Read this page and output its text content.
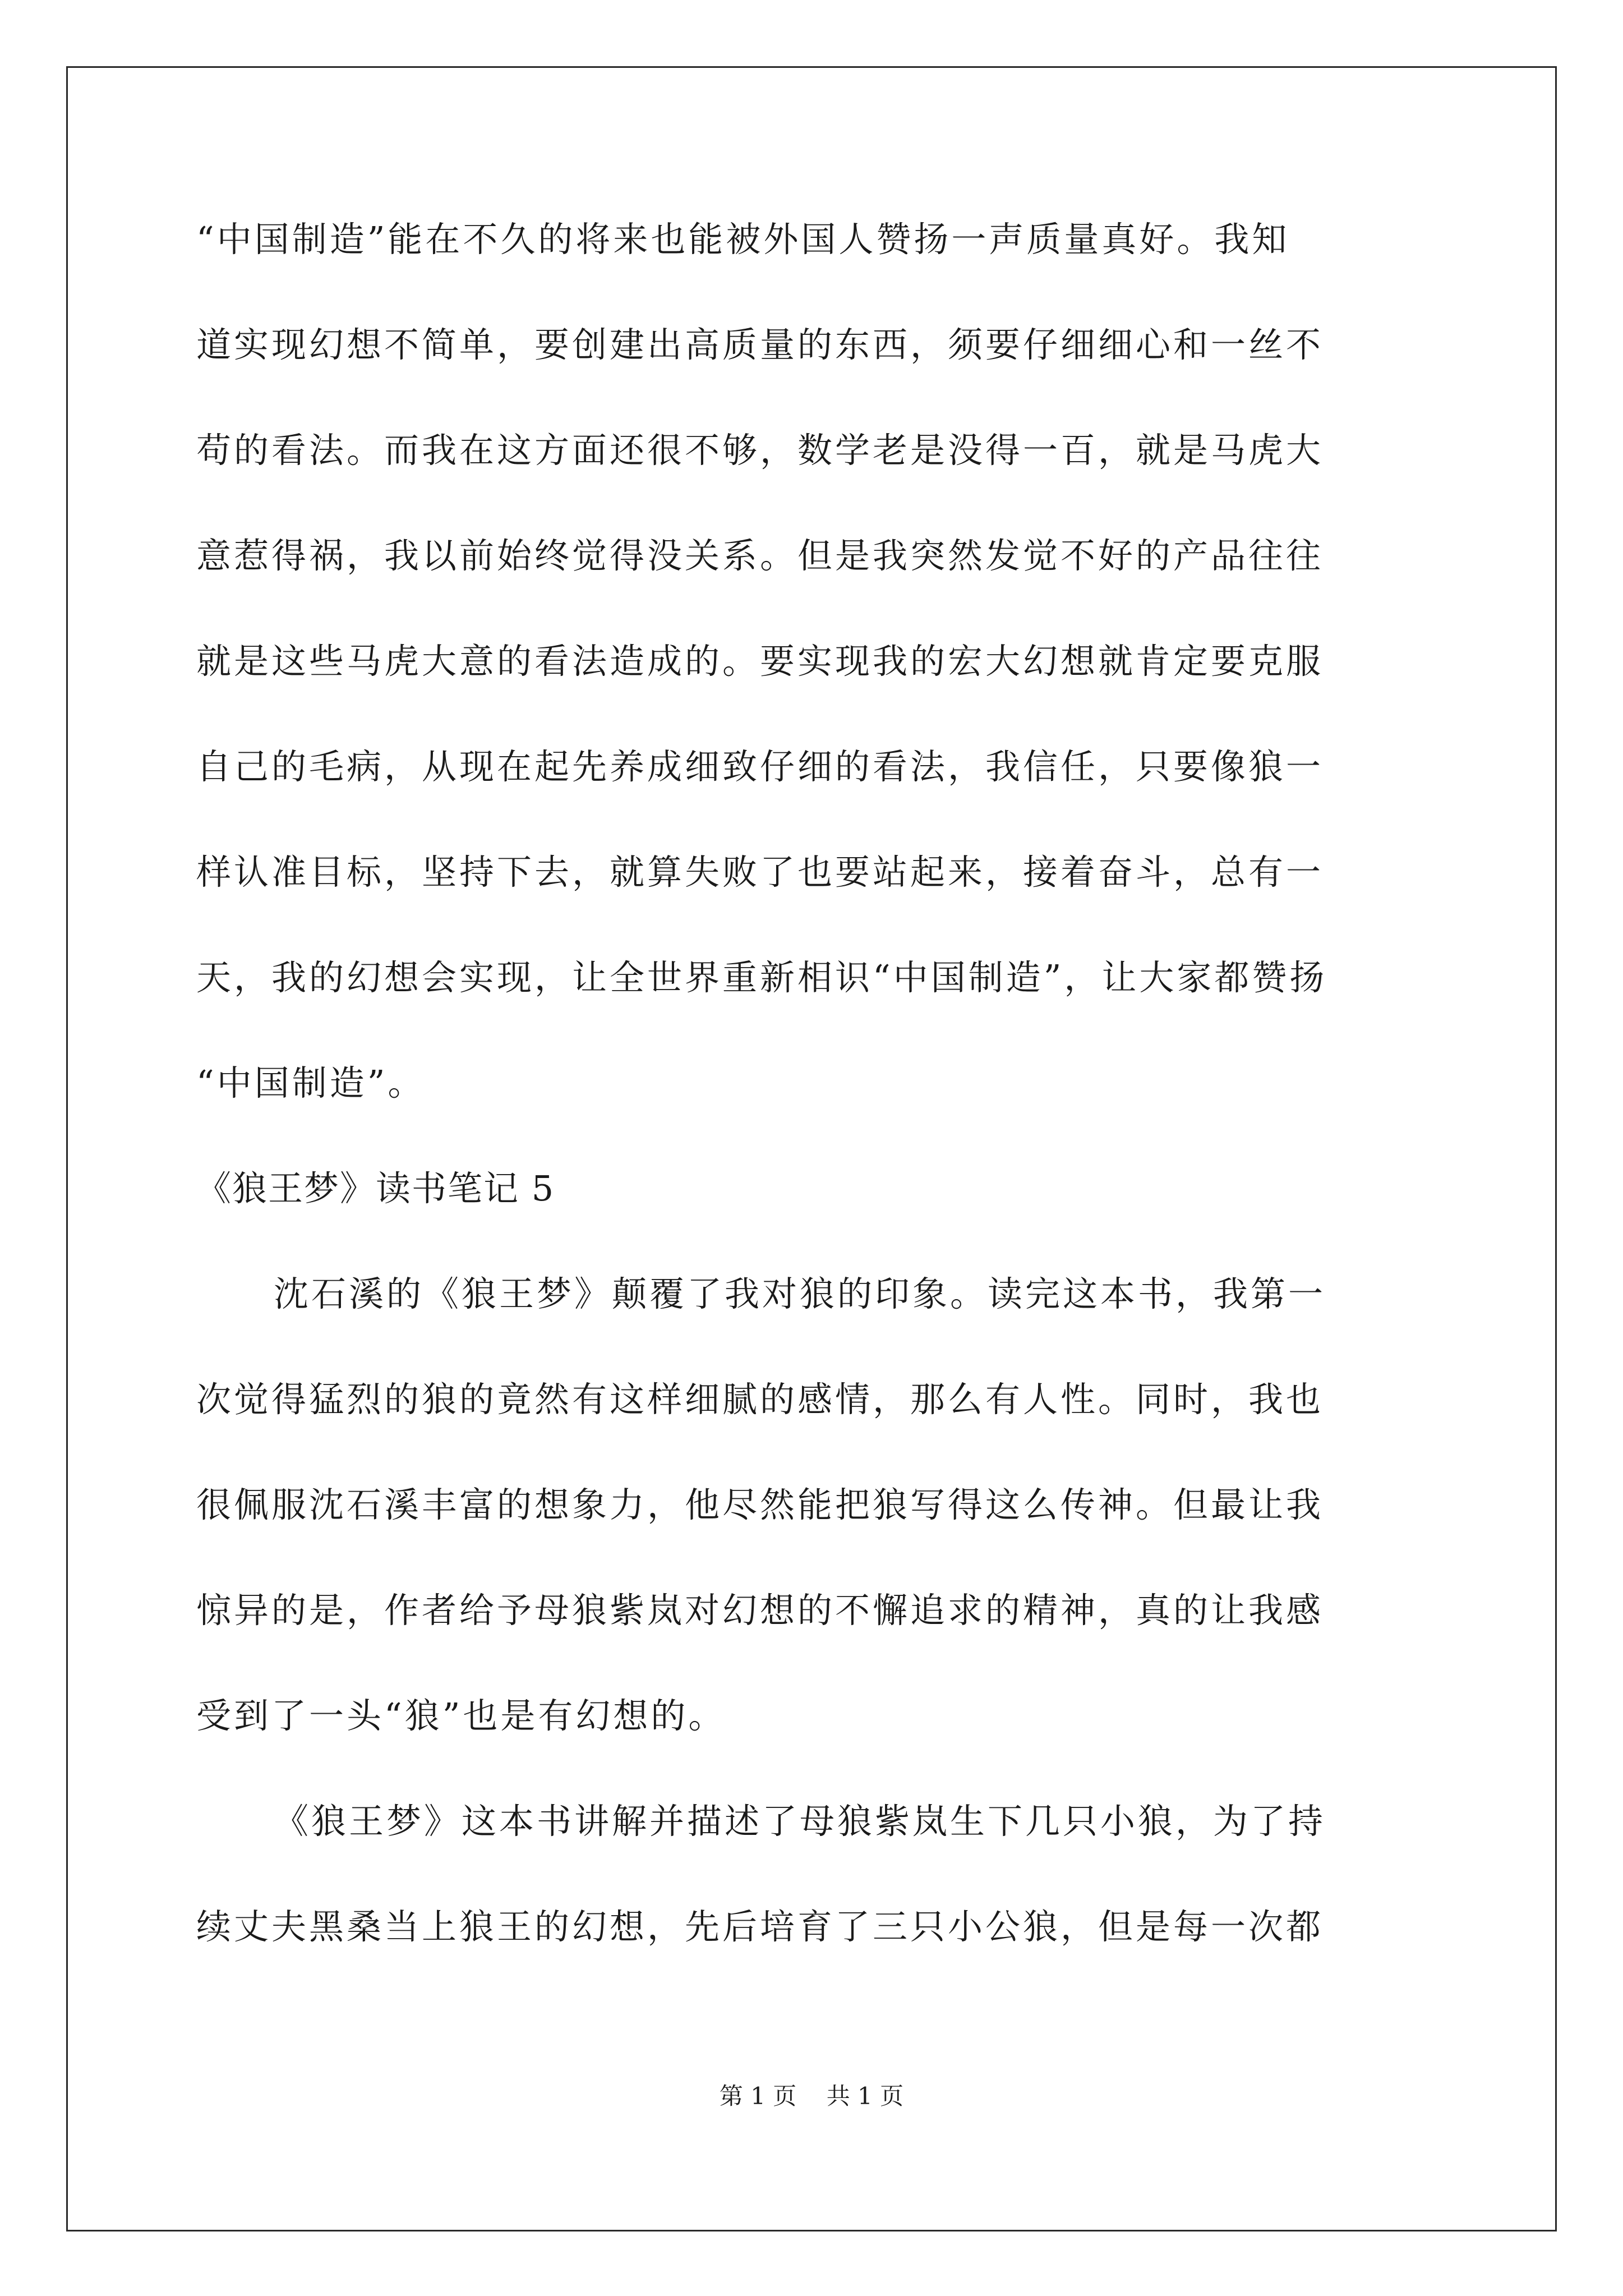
“中国制造”能在不久的将来也能被外国人赞扬一声质量真好。我知
道实现幻想不简单，要创建出高质量的东西，须要仔细细心和一丝不
苟的看法。而我在这方面还很不够，数学老是没得一百，就是马虎大
意惹得祸，我以前始终觉得没关系。但是我突然发觉不好的产品往往
就是这些马虎大意的看法造成的。要实现我的宏大幻想就肯定要克服
自己的毛病，从现在起先养成细致仔细的看法，我信任，只要像狼一
样认准目标，坚持下去，就算失败了也要站起来，接着奋斗，总有一
天，我的幻想会实现，让全世界重新相识“中国制造”，让大家都赞扬
“中国制造”。
《狼王梦》读书笔记 5
沈石溪的《狼王梦》颠覆了我对狼的印象。读完这本书，我第一
次觉得猛烈的狼的竟然有这样细腻的感情，那么有人性。同时，我也
很佩服沈石溪丰富的想象力，他尽然能把狼写得这么传神。但最让我
惊异的是，作者给予母狼紫岚对幻想的不懈追求的精神，真的让我感
受到了一头“狼”也是有幻想的。
《狼王梦》这本书讲解并描述了母狼紫岚生下几只小狼，为了持
续丈夫黑桑当上狼王的幻想，先后培育了三只小公狼，但是每一次都
第 1 页    共 1 页
